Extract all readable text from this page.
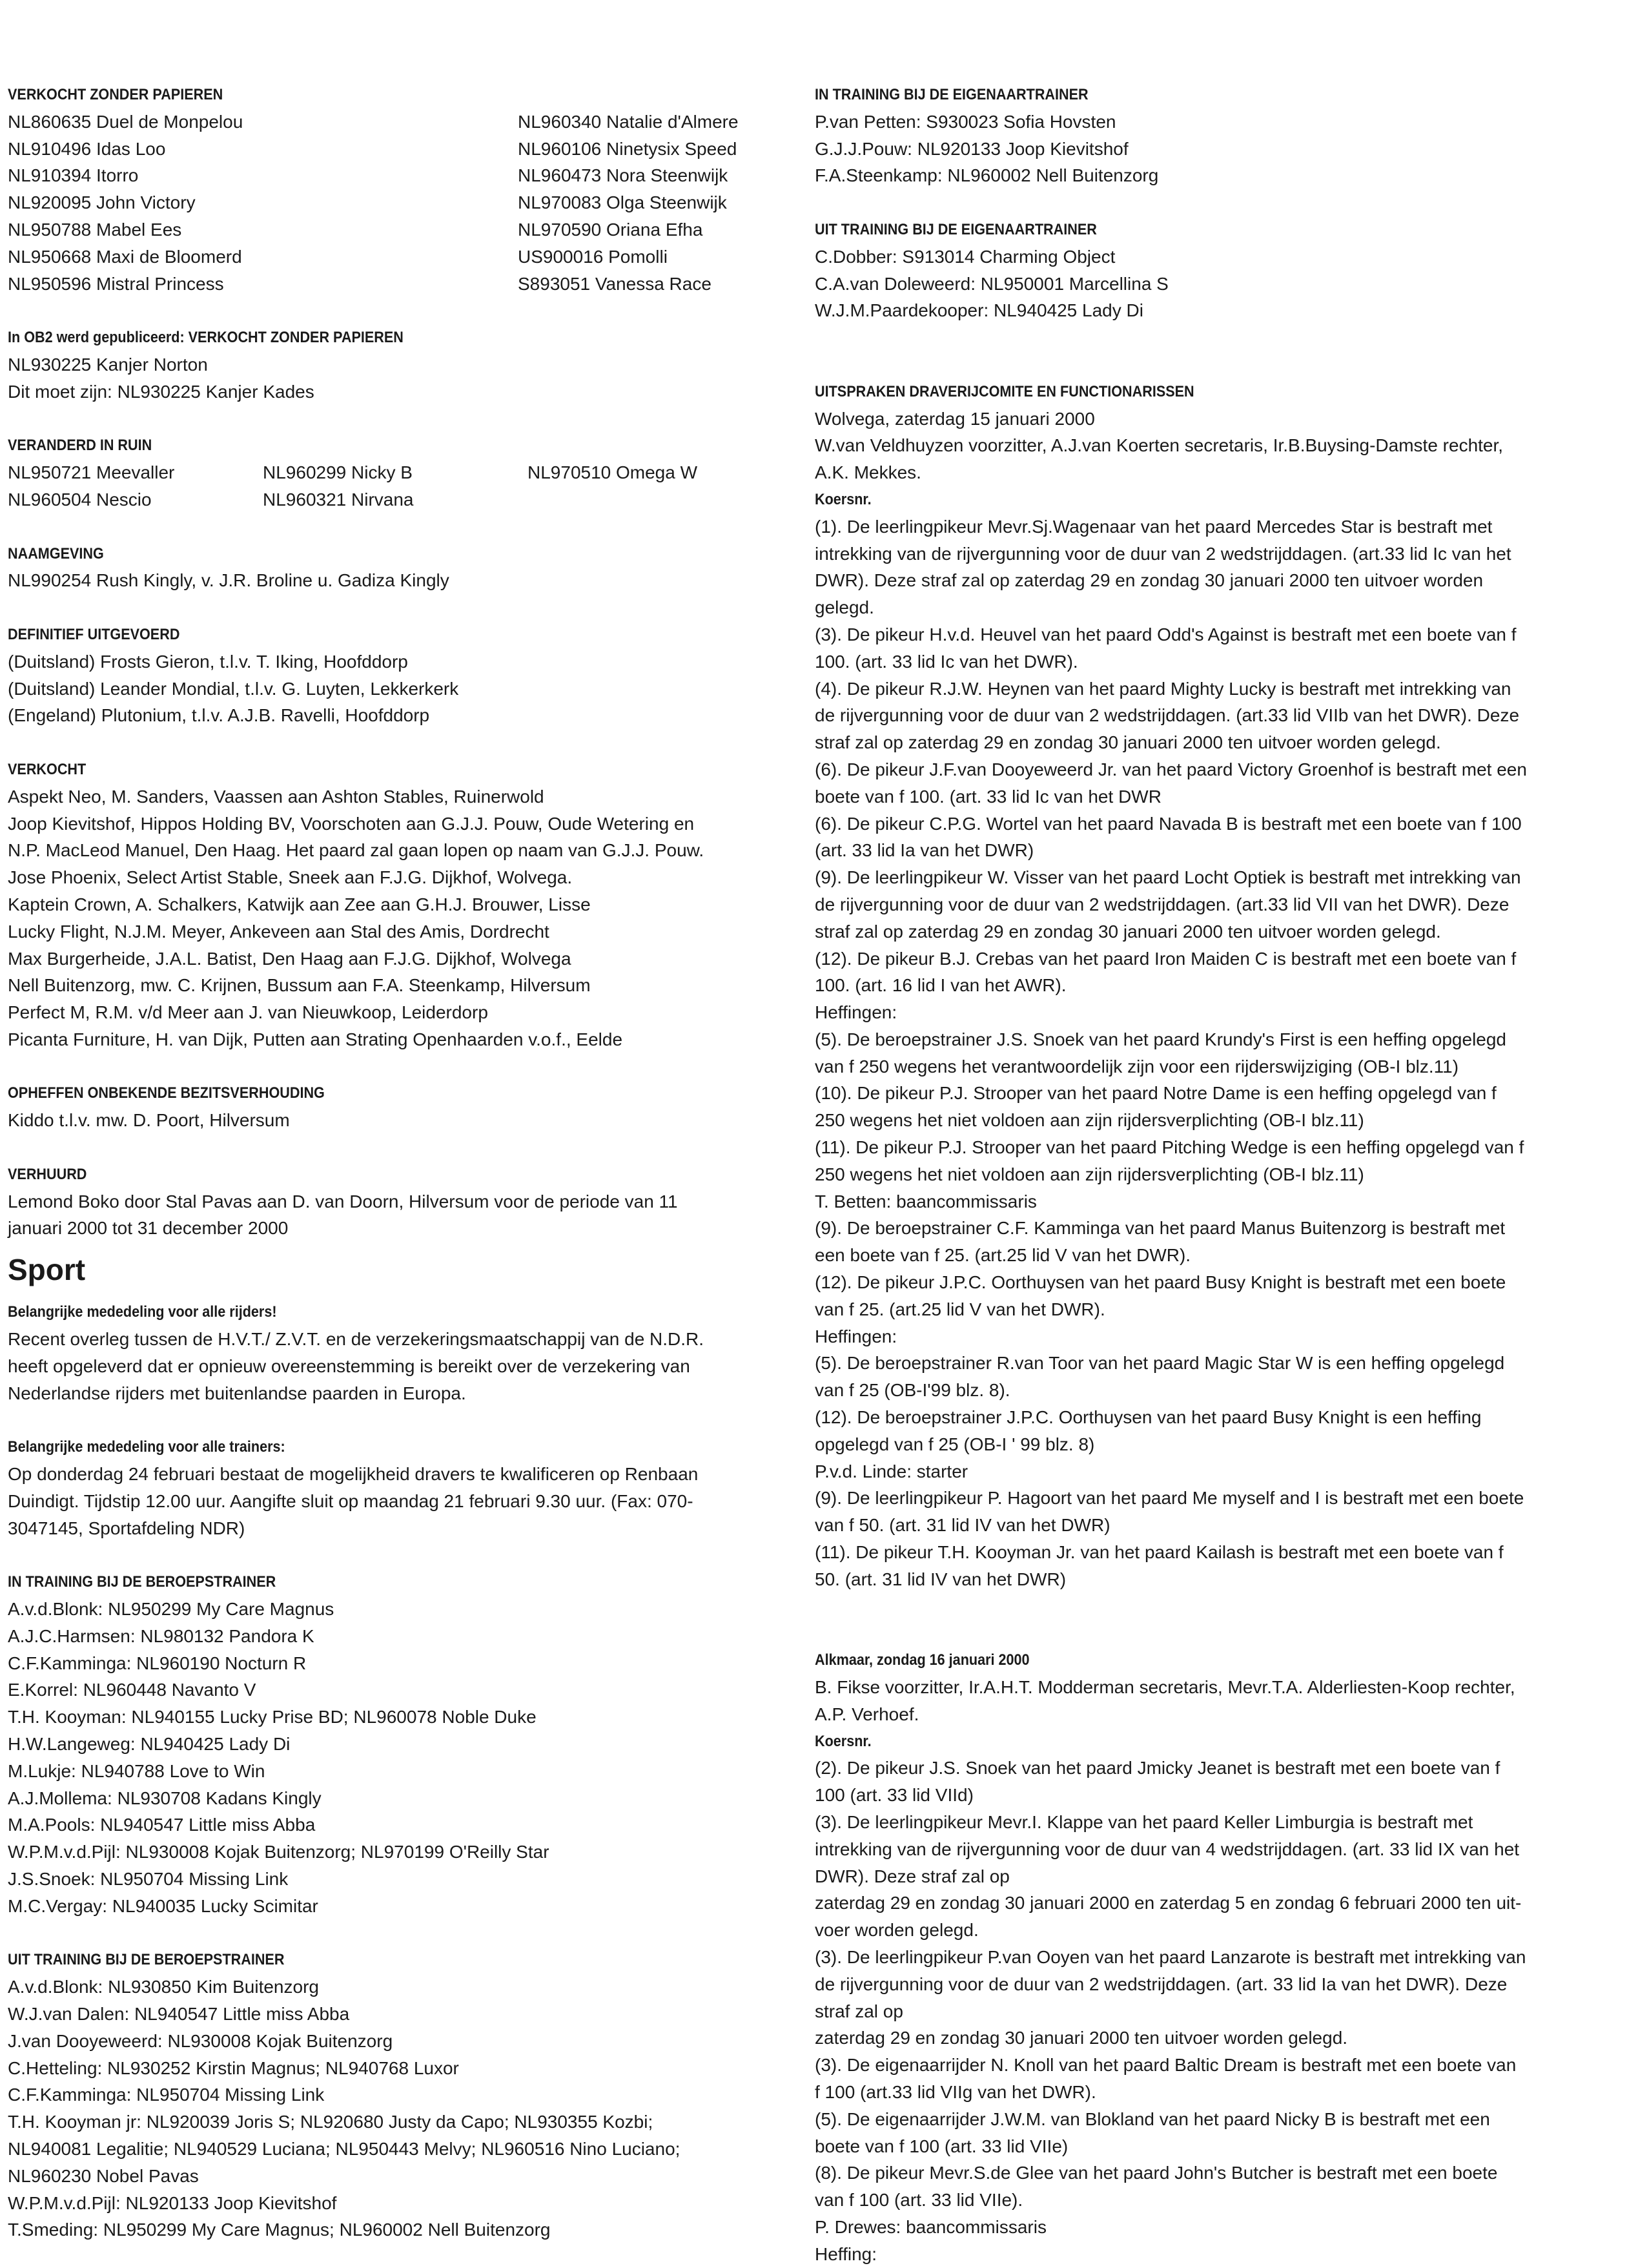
VERKOCHT ZONDER PAPIEREN
NL860635 Duel de Monpelou
NL910496 Idas Loo
NL910394 Itorro
NL920095 John Victory
NL950788 Mabel Ees
NL950668 Maxi de Bloomerd
NL950596 Mistral Princess
NL960340 Natalie d'Almere
NL960106 Ninetysix Speed
NL960473 Nora Steenwijk
NL970083 Olga Steenwijk
NL970590 Oriana Efha
US900016 Pomolli
S893051 Vanessa Race
In OB2 werd gepubliceerd: VERKOCHT ZONDER PAPIEREN
NL930225 Kanjer Norton
Dit moet zijn: NL930225 Kanjer Kades
VERANDERD IN RUIN
NL950721 Meevaller
NL960504 Nescio
NL960299 Nicky B
NL960321 Nirvana
NL970510 Omega W
NAAMGEVING
NL990254 Rush Kingly, v. J.R. Broline u. Gadiza Kingly
DEFINITIEF UITGEVOERD
(Duitsland) Frosts Gieron, t.l.v. T. Iking, Hoofddorp
(Duitsland) Leander Mondial, t.l.v. G. Luyten, Lekkerkerk
(Engeland) Plutonium, t.l.v. A.J.B. Ravelli, Hoofddorp
VERKOCHT
Aspekt Neo, M. Sanders, Vaassen aan Ashton Stables, Ruinerwold
Joop Kievitshof, Hippos Holding BV, Voorschoten aan G.J.J. Pouw, Oude Wetering en
N.P. MacLeod Manuel, Den Haag. Het paard zal gaan lopen op naam van G.J.J. Pouw.
Jose Phoenix, Select Artist Stable, Sneek aan F.J.G. Dijkhof, Wolvega.
Kaptein Crown, A. Schalkers, Katwijk aan Zee aan G.H.J. Brouwer, Lisse
Lucky Flight, N.J.M. Meyer, Ankeveen aan Stal des Amis, Dordrecht
Max Burgerheide, J.A.L. Batist, Den Haag aan F.J.G. Dijkhof, Wolvega
Nell Buitenzorg, mw. C. Krijnen, Bussum aan F.A. Steenkamp, Hilversum
Perfect M, R.M. v/d Meer aan J. van Nieuwkoop, Leiderdorp
Picanta Furniture, H. van Dijk, Putten aan Strating Openhaarden v.o.f., Eelde
OPHEFFEN ONBEKENDE BEZITSVERHOUDING
Kiddo t.l.v. mw. D. Poort, Hilversum
VERHUURD
Lemond Boko door Stal Pavas aan D. van Doorn, Hilversum voor de periode van 11
januari 2000 tot 31 december 2000
Sport
Belangrijke mededeling voor alle rijders!
Recent overleg tussen de H.V.T./ Z.V.T. en de verzekeringsmaatschappij van de N.D.R.
heeft opgeleverd dat er opnieuw overeenstemming is bereikt over de verzekering van
Nederlandse rijders met buitenlandse paarden in Europa.
Belangrijke mededeling voor alle trainers:
Op donderdag 24 februari bestaat de mogelijkheid dravers te kwalificeren op Renbaan
Duindigt. Tijdstip 12.00 uur. Aangifte sluit op maandag 21 februari 9.30 uur. (Fax: 070-
3047145, Sportafdeling NDR)
IN TRAINING BIJ DE BEROEPSTRAINER
A.v.d.Blonk: NL950299 My Care Magnus
A.J.C.Harmsen: NL980132 Pandora K
C.F.Kamminga: NL960190 Nocturn R
E.Korrel: NL960448 Navanto V
T.H. Kooyman: NL940155 Lucky Prise BD; NL960078 Noble Duke
H.W.Langeweg: NL940425 Lady Di
M.Lukje: NL940788 Love to Win
A.J.Mollema: NL930708 Kadans Kingly
M.A.Pools: NL940547 Little miss Abba
W.P.M.v.d.Pijl: NL930008 Kojak Buitenzorg; NL970199 O'Reilly Star
J.S.Snoek: NL950704 Missing Link
M.C.Vergay: NL940035 Lucky Scimitar
UIT TRAINING BIJ DE BEROEPSTRAINER
A.v.d.Blonk: NL930850 Kim Buitenzorg
W.J.van Dalen: NL940547 Little miss Abba
J.van Dooyeweerd: NL930008 Kojak Buitenzorg
C.Hetteling: NL930252 Kirstin Magnus; NL940768 Luxor
C.F.Kamminga: NL950704 Missing Link
T.H. Kooyman jr: NL920039 Joris S; NL920680 Justy da Capo; NL930355 Kozbi;
NL940081 Legalitie; NL940529 Luciana; NL950443 Melvy; NL960516 Nino Luciano;
NL960230 Nobel Pavas
W.P.M.v.d.Pijl: NL920133 Joop Kievitshof
T.Smeding: NL950299 My Care Magnus; NL960002 Nell Buitenzorg
IN TRAINING BIJ DE EIGENAARTRAINER
P.van Petten: S930023 Sofia Hovsten
G.J.J.Pouw: NL920133 Joop Kievitshof
F.A.Steenkamp: NL960002 Nell Buitenzorg
UIT TRAINING BIJ DE EIGENAARTRAINER
C.Dobber: S913014 Charming Object
C.A.van Doleweerd: NL950001 Marcellina S
W.J.M.Paardekooper: NL940425 Lady Di
UITSPRAKEN DRAVERIJCOMITE EN FUNCTIONARISSEN
Wolvega, zaterdag 15 januari 2000
W.van Veldhuyzen voorzitter, A.J.van Koerten secretaris, Ir.B.Buysing-Damste rechter,
A.K. Mekkes.
Koersnr.
(1). De leerlingpikeur Mevr.Sj.Wagenaar van het paard Mercedes Star is bestraft met
intrekking van de rijvergunning voor de duur van 2 wedstrijddagen. (art.33 lid Ic van het
DWR). Deze straf zal op zaterdag 29 en zondag 30 januari 2000 ten uitvoer worden
gelegd.
(3). De pikeur H.v.d. Heuvel van het paard Odd's Against is bestraft met een boete van f
100. (art. 33 lid Ic van het DWR).
(4). De pikeur R.J.W. Heynen van het paard Mighty Lucky is bestraft met intrekking van
de rijvergunning voor de duur van 2 wedstrijddagen. (art.33 lid VIIb van het DWR). Deze
straf zal op zaterdag 29 en zondag 30 januari 2000 ten uitvoer worden gelegd.
(6). De pikeur J.F.van Dooyeweerd Jr. van het paard Victory Groenhof is bestraft met een
boete van f 100. (art. 33 lid Ic van het DWR
(6). De pikeur C.P.G. Wortel van het paard Navada B is bestraft met een boete van f 100
(art. 33 lid Ia van het DWR)
(9). De leerlingpikeur W. Visser van het paard Locht Optiek is bestraft met intrekking van
de rijvergunning voor de duur van 2 wedstrijddagen. (art.33 lid VII van het DWR). Deze
straf zal op zaterdag 29 en zondag 30 januari 2000 ten uitvoer worden gelegd.
(12). De pikeur B.J. Crebas van het paard Iron Maiden C is bestraft met een boete van f
100. (art. 16 lid I van het AWR).
Heffingen:
(5). De beroepstrainer J.S. Snoek van het paard Krundy's First is een heffing opgelegd
van f 250 wegens het verantwoordelijk zijn voor een rijderswijziging (OB-I blz.11)
(10). De pikeur P.J. Strooper van het paard Notre Dame is een heffing opgelegd van f
250 wegens het niet voldoen aan zijn rijdersverplichting (OB-I blz.11)
(11). De pikeur P.J. Strooper van het paard Pitching Wedge is een heffing opgelegd van f
250 wegens het niet voldoen aan zijn rijdersverplichting (OB-I blz.11)
T. Betten: baancommissaris
(9). De beroepstrainer C.F. Kamminga van het paard Manus Buitenzorg is bestraft met
een boete van f 25. (art.25 lid V van het DWR).
(12). De pikeur J.P.C. Oorthuysen van het paard Busy Knight is bestraft met een boete
van f 25. (art.25 lid V van het DWR).
Heffingen:
(5). De beroepstrainer R.van Toor van het paard Magic Star W is een heffing opgelegd
van f 25 (OB-I'99 blz. 8).
(12). De beroepstrainer J.P.C. Oorthuysen van het paard Busy Knight is een heffing
opgelegd van f 25 (OB-I ' 99 blz. 8)
P.v.d. Linde: starter
(9). De leerlingpikeur P. Hagoort van het paard Me myself and I is bestraft met een boete
van f 50. (art. 31 lid IV van het DWR)
(11). De pikeur T.H. Kooyman Jr. van het paard Kailash is bestraft met een boete van f
50. (art. 31 lid IV van het DWR)
Alkmaar, zondag 16 januari 2000
B. Fikse voorzitter, Ir.A.H.T. Modderman secretaris, Mevr.T.A. Alderliesten-Koop rechter,
A.P. Verhoef.
Koersnr.
(2). De pikeur J.S. Snoek van het paard Jmicky Jeanet is bestraft met een boete van f
100 (art. 33 lid VIId)
(3). De leerlingpikeur Mevr.I. Klappe van het paard Keller Limburgia is bestraft met
intrekking van de rijvergunning voor de duur van 4 wedstrijddagen. (art. 33 lid IX van het
DWR). Deze straf zal op
zaterdag 29 en zondag 30 januari 2000 en zaterdag 5 en zondag 6 februari 2000 ten uit-
voer worden gelegd.
(3). De leerlingpikeur P.van Ooyen van het paard Lanzarote is bestraft met intrekking van
de rijvergunning voor de duur van 2 wedstrijddagen. (art. 33 lid Ia van het DWR). Deze
straf zal op
zaterdag 29 en zondag 30 januari 2000 ten uitvoer worden gelegd.
(3). De eigenaarrijder N. Knoll van het paard Baltic Dream is bestraft met een boete van
f 100 (art.33 lid VIIg van het DWR).
(5). De eigenaarrijder J.W.M. van Blokland van het paard Nicky B is bestraft met een
boete van f 100 (art. 33 lid VIIe)
(8). De pikeur Mevr.S.de Glee van het paard John's Butcher is bestraft met een boete
van f 100 (art. 33 lid VIIe).
P. Drewes: baancommissaris
Heffing:
